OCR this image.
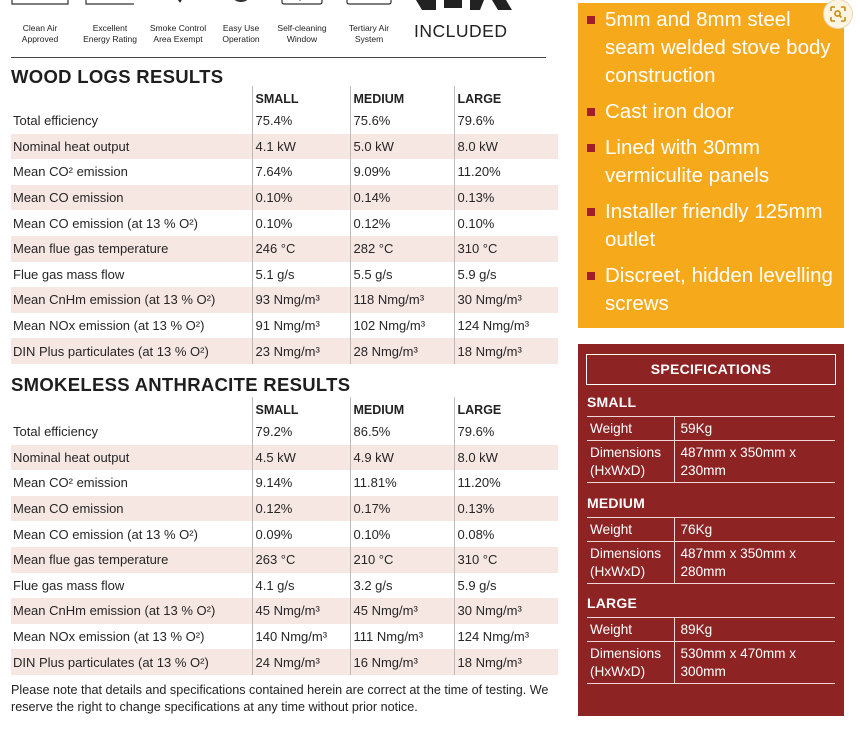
Clean Air
Approved
Excellent
Energy Rating
Smoke Control
Area Exempt
Easy Use
Operation
Self-cleaning
Window
Tertiary Air
System	INCLUDED
WOOD LOGS RESULTS
	SMALL	MEDIUM	LARGE
Total efficiency	75.4%	75.6%	79.6%
Nominal heat output	4.1 kW	5.0 kW	8.0 kW
Mean CO² emission	7.64%	9.09%	11.20%
Mean CO emission	0.10%	0.14%	0.13%
Mean CO emission (at 13 % O²)	0.10%	0.12%	0.10%
Mean flue gas temperature	246 °C	282 °C	310 °C
Flue gas mass flow	5.1 g/s	5.5 g/s	5.9 g/s
Mean CnHm emission (at 13 % O²)	93 Nmg/m³	118 Nmg/m³	30 Nmg/m³
Mean NOx emission (at 13 % O²)	91 Nmg/m³	102 Nmg/m³	124 Nmg/m³
DIN Plus particulates (at 13 % O²)	23 Nmg/m³	28 Nmg/m³	18 Nmg/m³
SMOKELESS ANTHRACITE RESULTS
	SMALL	MEDIUM	LARGE
Total efficiency	79.2%	86.5%	79.6%
Nominal heat output	4.5 kW	4.9 kW	8.0 kW
Mean CO² emission	9.14%	11.81%	11.20%
Mean CO emission	0.12%	0.17%	0.13%
Mean CO emission (at 13 % O²)	0.09%	0.10%	0.08%
Mean flue gas temperature	263 °C	210 °C	310 °C
Flue gas mass flow	4.1 g/s	3.2 g/s	5.9 g/s
Mean CnHm emission (at 13 % O²)	45 Nmg/m³	45 Nmg/m³	30 Nmg/m³
Mean NOx emission (at 13 % O²)	140 Nmg/m³	111 Nmg/m³	124 Nmg/m³
DIN Plus particulates (at 13 % O²)	24 Nmg/m³	16 Nmg/m³	18 Nmg/m³
Please note that details and specifications contained herein are correct at the time of testing. We reserve the right to change specifications at any time without prior notice.
5mm and 8mm steel seam welded stove body construction
Cast iron door
Lined with 30mm vermiculite panels
Installer friendly 125mm outlet
Discreet, hidden levelling screws
SPECIFICATIONS
SMALL
Weight	59Kg

Dimensions
(HxWxD)	487mm x 350mm x
230mm
MEDIUM
Weight	76Kg

Dimensions
(HxWxD)	487mm x 350mm x
280mm
LARGE
Weight	89Kg

Dimensions
(HxWxD)	530mm x 470mm x
300mm
